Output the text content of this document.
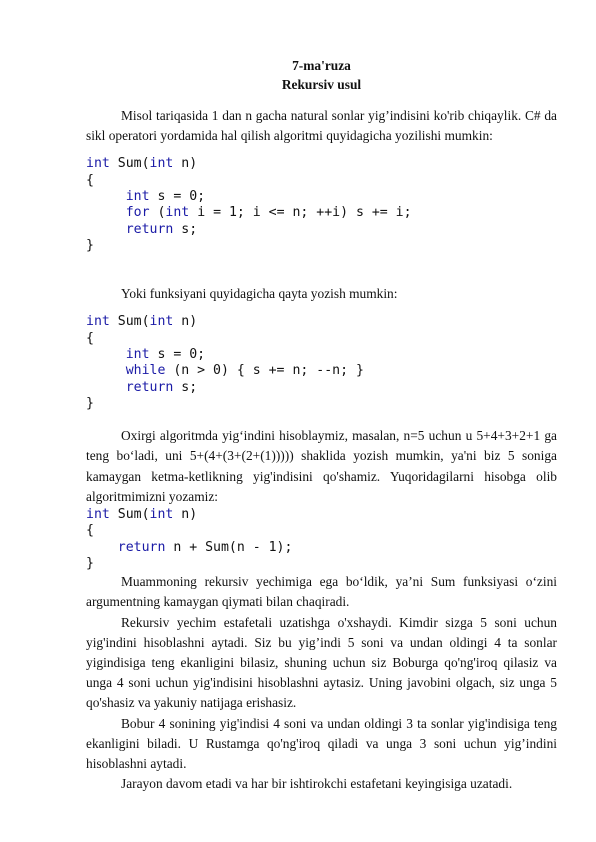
7-ma'ruza
Rekursiv usul

Misol tariqasida 1 dan n gacha natural sonlar yig’indisini ko'rib chiqaylik. C# da sikl operatori yordamida hal qilish algoritmi quyidagicha yozilishi mumkin:

int Sum(int n)
{
int s = 0;
for (int i = 1; i <= n; ++i) s += i;
return s;
}

Yoki funksiyani quyidagicha qayta yozish mumkin:

int Sum(int n)
{
int s = 0;
while (n > 0) { s += n; --n; }
return s;
}

Oxirgi algoritmda yig‘indini hisoblaymiz, masalan, n=5 uchun u 5+4+3+2+1 ga teng bo‘ladi, uni 5+(4+(3+(2+(1))))) shaklida yozish mumkin, ya'ni biz 5 soniga kamaygan ketma-ketlikning yig'indisini qo'shamiz. Yuqoridagilarni hisobga olib algoritmimizni yozamiz:

int Sum(int n)
{
return n + Sum(n - 1);
}

Muammoning rekursiv yechimiga ega bo‘ldik, ya’ni Sum funksiyasi o‘zini argumentning kamaygan qiymati bilan chaqiradi.

Rekursiv yechim estafetali uzatishga o'xshaydi. Kimdir sizga 5 soni uchun yig'indini hisoblashni aytadi. Siz bu yig’indi 5 soni va undan oldingi 4 ta sonlar yigindisiga teng ekanligini bilasiz, shuning uchun siz Boburga qo'ng'iroq qilasiz va unga 4 soni uchun yig'indisini hisoblashni aytasiz. Uning javobini olgach, siz unga 5 qo'shasiz va yakuniy natijaga erishasiz.

Bobur 4 sonining yig'indisi 4 soni va undan oldingi 3 ta sonlar yig'indisiga teng ekanligini biladi. U Rustamga qo'ng'iroq qiladi va unga 3 soni uchun yig’indini hisoblashni aytadi.

Jarayon davom etadi va har bir ishtirokchi estafetani keyingisiga uzatadi.
